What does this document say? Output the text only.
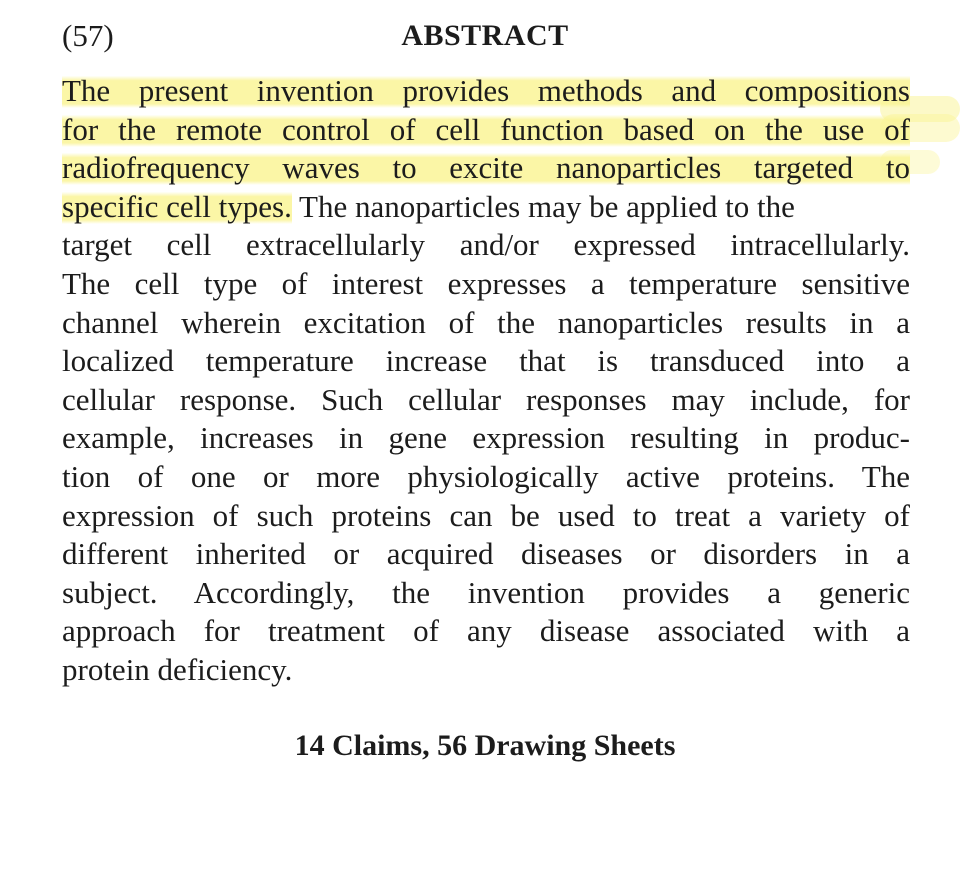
(57)	ABSTRACT
The present invention provides methods and compositions
for the remote control of cell function based on the use of
radiofrequency waves to excite nanoparticles targeted to
specific cell types. The nanoparticles may be applied to the
target cell extracellularly and/or expressed intracellularly.
The cell type of interest expresses a temperature sensitive
channel wherein excitation of the nanoparticles results in a
localized temperature increase that is transduced into a
cellular response. Such cellular responses may include, for
example, increases in gene expression resulting in produc-
tion of one or more physiologically active proteins. The
expression of such proteins can be used to treat a variety of
different inherited or acquired diseases or disorders in a
subject. Accordingly, the invention provides a generic
approach for treatment of any disease associated with a
protein deficiency.
14 Claims, 56 Drawing Sheets
